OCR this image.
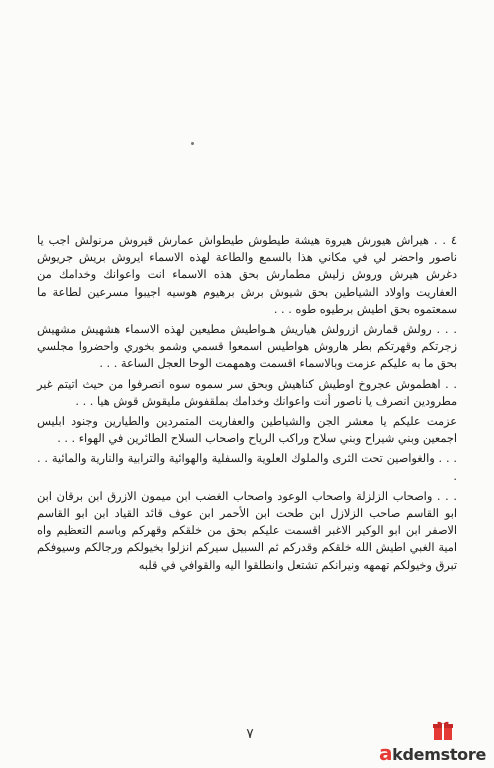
٤ . . هيراش هيورش هيروة هيشة طيطوش طيطواش عمارش قيروش مرنولش اجب يا ناصور واحضر لي في مكاني هذا بالسمع والطاعة لهذه الاسماء ايروش بريش جريوش دغرش هيرش وروش زليش مطمارش بحق هذه الاسماء انت واعوانك وخدامك من العفاريت واولاد الشياطين بحق شيوش برش برهيوم هوسيه اجيبوا مسرعين لطاعة ما سمعتموه بحق اطيش برطيوه طوه . . .

. . . رولش قمارش ازرولش هياريش هـواطيش مطيعين لهذه الاسماء هشهيش مشهيش زجرتكم وقهرتكم بطر هاروش هواطيس اسمعوا قسمي وشمو بخوري واحضروا مجلسي بحق ما به عليكم عزمت وبالاسماء اقسمت وهمهمت الوحا العجل الساعة . . .

. . اهطموش عجروخ اوطيش كناهيش وبحق سر سموه سوه انصرفوا من حيث اتيتم غير مطرودين انصرف يا ناصور أنت واعوانك وخدامك بملقفوش مليقوش قوش هيا . . .

عزمت عليكم يا معشر الجن والشياطين والعفاريت المتمردين والطيارين وجنود ابليس اجمعين وبني شيراح وبني سلاح وراكب الرياح واصحاب السلاح الطائرين في الهواء . . .

. . . والغواصين تحت الثرى والملوك العلوية والسفلية والهوائية والترابية والنارية والمائية . . .

. . . واصحاب الزلزلة واصحاب الوعود واصحاب الغضب ابن ميمون الازرق ابن برقان ابن ابو القاسم صاحب الزلازل ابن طحت ابن الأحمر ابن عوف قائد القياد ابن ابو القاسم الاصفر ابن ابو الوكير الاغبر اقسمت عليكم بحق من خلقكم وقهركم وباسم التعظيم واه امية الغبي اطيش الله خلقكم وقدركم ثم السبيل سيركم انزلوا بخيولكم ورجالكم وسيوفكم تبرق وخيولكم تهمهه ونيرانكم تشتعل وانطلقوا اليه والقوافي في قلبه

٧
akdemstore
